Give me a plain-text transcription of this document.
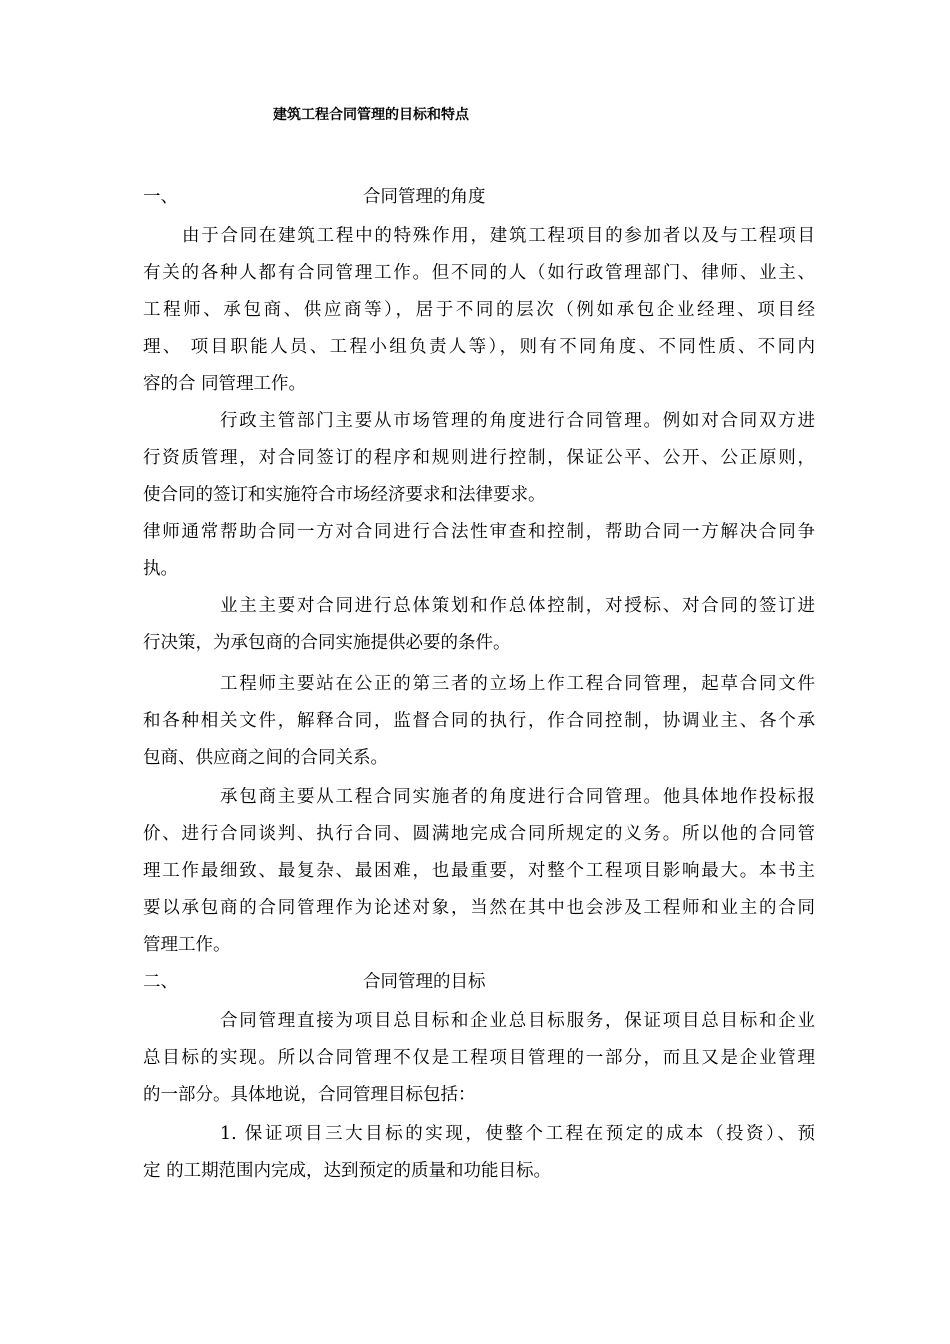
建筑工程合同管理的目标和特点
一、	合同管理的角度
由于合同在建筑工程中的特殊作用，建筑工程项目的参加者以及与工程项目
有关的各种人都有合同管理工作。但不同的人（如行政管理部门、律师、业主、
工程师、承包商、供应商等），居于不同的层次（例如承包企业经理、项目经
理、 项目职能人员、工程小组负责人等），则有不同角度、不同性质、不同内
容的合 同管理工作。
行政主管部门主要从市场管理的角度进行合同管理。例如对合同双方进
行资质管理，对合同签订的程序和规则进行控制，保证公平、公开、公正原则，
使合同的签订和实施符合市场经济要求和法律要求。
律师通常帮助合同一方对合同进行合法性审查和控制，帮助合同一方解决合同争
执。
业主主要对合同进行总体策划和作总体控制，对授标、对合同的签订进
行决策，为承包商的合同实施提供必要的条件。
工程师主要站在公正的第三者的立场上作工程合同管理，起草合同文件
和各种相关文件，解释合同，监督合同的执行，作合同控制，协调业主、各个承
包商、供应商之间的合同关系。
承包商主要从工程合同实施者的角度进行合同管理。他具体地作投标报
价、进行合同谈判、执行合同、圆满地完成合同所规定的义务。所以他的合同管
理工作最细致、最复杂、最困难，也最重要，对整个工程项目影响最大。本书主
要以承包商的合同管理作为论述对象，当然在其中也会涉及工程师和业主的合同
管理工作。
二、	合同管理的目标
合同管理直接为项目总目标和企业总目标服务，保证项目总目标和企业
总目标的实现。所以合同管理不仅是工程项目管理的一部分，而且又是企业管理
的一部分。具体地说，合同管理目标包括：
1. 保证项目三大目标的实现，使整个工程在预定的成本（投资）、预
定 的工期范围内完成，达到预定的质量和功能目标。
